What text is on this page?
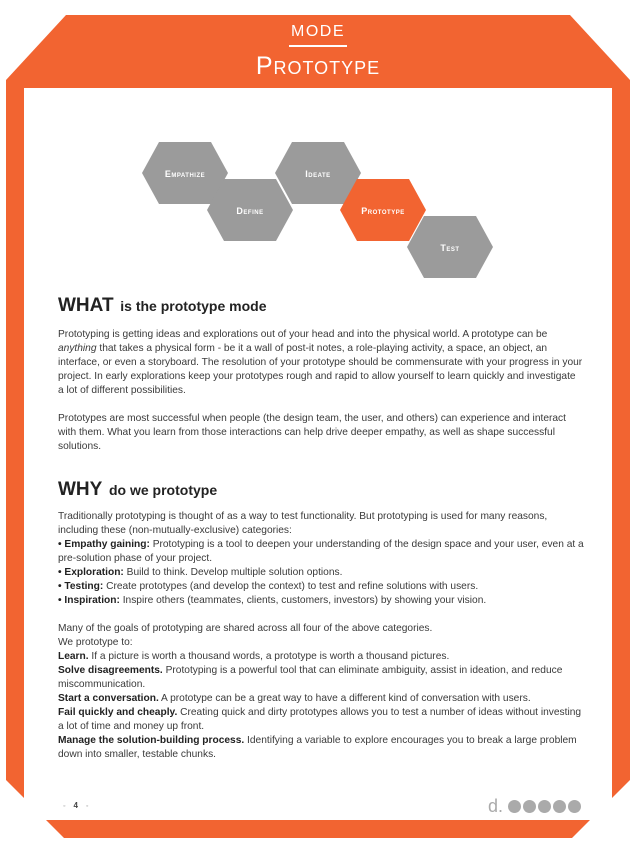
MODE
Prototype
Empathize
Define
Ideate
Prototype
Test
WHAT is the prototype mode

Prototyping is getting ideas and explorations out of your head and into the physical world. A prototype can be anything that takes a physical form - be it a wall of post-it notes, a role-playing activity, a space, an object, an interface, or even a storyboard. The resolution of your prototype should be commensurate with your progress in your project. In early explorations keep your prototypes rough and rapid to allow yourself to learn quickly and investigate a lot of different possibilities.

Prototypes are most successful when people (the design team, the user, and others) can experience and interact with them. What you learn from those interactions can help drive deeper empathy, as well as shape successful solutions.

WHY do we prototype

Traditionally prototyping is thought of as a way to test functionality. But prototyping is used for many reasons, including these (non-mutually-exclusive) categories:

• Empathy gaining: Prototyping is a tool to deepen your understanding of the design space and your user, even at a pre-solution phase of your project.

• Exploration: Build to think. Develop multiple solution options.

• Testing: Create prototypes (and develop the context) to test and refine solutions with users.

• Inspiration: Inspire others (teammates, clients, customers, investors) by showing your vision.

Many of the goals of prototyping are shared across all four of the above categories.

We prototype to:

Learn. If a picture is worth a thousand words, a prototype is worth a thousand pictures.

Solve disagreements. Prototyping is a powerful tool that can eliminate ambiguity, assist in ideation, and reduce miscommunication.

Start a conversation. A prototype can be a great way to have a different kind of conversation with users.

Fail quickly and cheaply. Creating quick and dirty prototypes allows you to test a number of ideas without investing a lot of time and money up front.

Manage the solution-building process. Identifying a variable to explore encourages you to break a large problem down into smaller, testable chunks.

◦ 4 ◦	d.
